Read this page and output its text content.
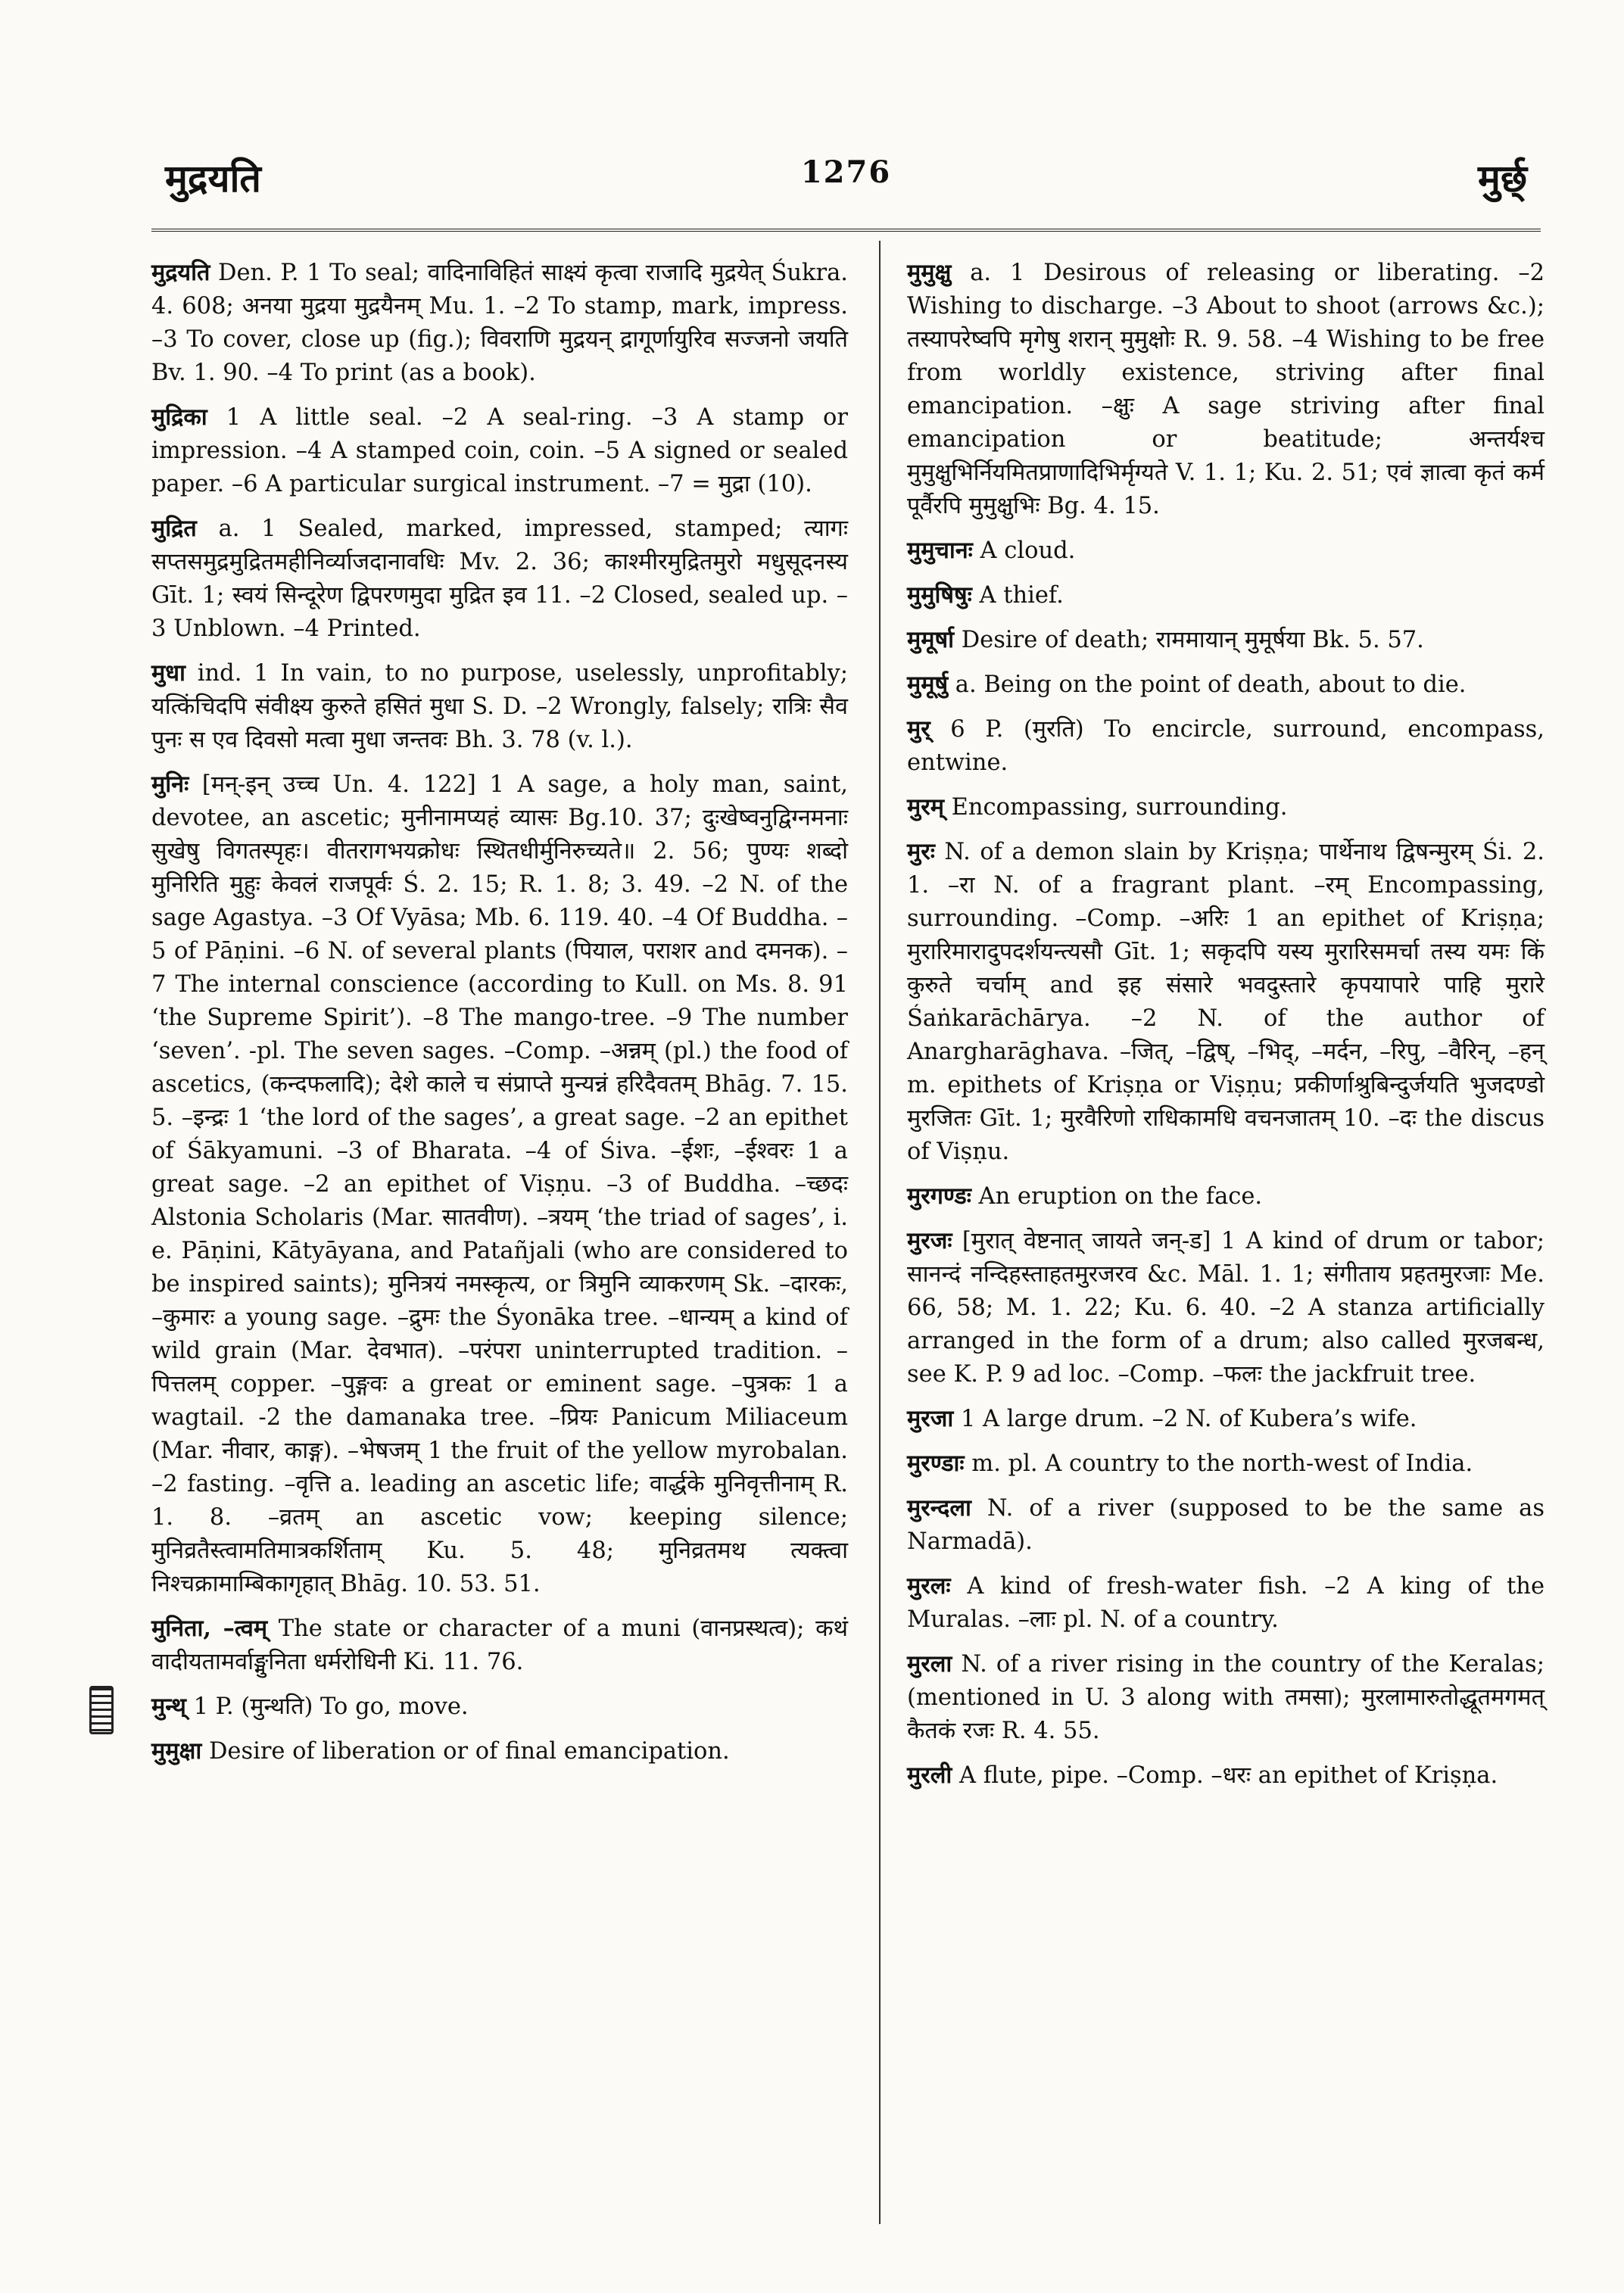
मुद्रयति	1276	मुर्छ्

मुद्रयति Den. P. 1 To seal; वादिनाविहितं साक्ष्यं कृत्वा राजादि मुद्रयेत् Śukra. 4. 608; अनया मुद्रया मुद्रयैनम् Mu. 1. –2 To stamp, mark, impress. –3 To cover, close up (fig.); विवराणि मुद्रयन् द्रागूर्णायुरिव सज्जनो जयति Bv. 1. 90. –4 To print (as a book).

मुद्रिका 1 A little seal. –2 A seal-ring. –3 A stamp or impression. –4 A stamped coin, coin. –5 A signed or sealed paper. –6 A particular surgical instrument. –7 = मुद्रा (10).

मुद्रित a. 1 Sealed, marked, impressed, stamped; त्यागः सप्तसमुद्रमुद्रितमहीनिर्व्याजदानावधिः Mv. 2. 36; काश्मीरमुद्रितमुरो मधुसूदनस्य Gīt. 1; स्वयं सिन्दूरेण द्विपरणमुदा मुद्रित इव 11. –2 Closed, sealed up. –3 Unblown. –4 Printed.

मुधा ind. 1 In vain, to no purpose, uselessly, unprofitably; यत्किंचिदपि संवीक्ष्य कुरुते हसितं मुधा S. D. –2 Wrongly, falsely; रात्रिः सैव पुनः स एव दिवसो मत्वा मुधा जन्तवः Bh. 3. 78 (v. l.).

मुनिः [मन्-इन् उच्च Un. 4. 122] 1 A sage, a holy man, saint, devotee, an ascetic; मुनीनामप्यहं व्यासः Bg.10. 37; दुःखेष्वनुद्विग्नमनाः सुखेषु विगतस्पृहः। वीतरागभयक्रोधः स्थितधीर्मुनिरुच्यते॥ 2. 56; पुण्यः शब्दो मुनिरिति मुहुः केवलं राजपूर्वः Ś. 2. 15; R. 1. 8; 3. 49. –2 N. of the sage Agastya. –3 Of Vyāsa; Mb. 6. 119. 40. –4 Of Buddha. –5 of Pāṇini. –6 N. of several plants (पियाल, पराशर and दमनक). –7 The internal conscience (according to Kull. on Ms. 8. 91 ‘the Supreme Spirit’). –8 The mango-tree. –9 The number ‘seven’. -pl. The seven sages. –Comp. –अन्नम् (pl.) the food of ascetics, (कन्दफलादि); देशे काले च संप्राप्ते मुन्यन्नं हरिदैवतम् Bhāg. 7. 15. 5. –इन्द्रः 1 ‘the lord of the sages’, a great sage. –2 an epithet of Śākyamuni. –3 of Bharata. –4 of Śiva. –ईशः, –ईश्वरः 1 a great sage. –2 an epithet of Viṣṇu. –3 of Buddha. –च्छदः Alstonia Scholaris (Mar. सातवीण). –त्रयम् ‘the triad of sages’, i. e. Pāṇini, Kātyāyana, and Patañjali (who are considered to be inspired saints); मुनित्रयं नमस्कृत्य, or त्रिमुनि व्याकरणम् Sk. –दारकः, –कुमारः a young sage. –द्रुमः the Śyonāka tree. –धान्यम् a kind of wild grain (Mar. देवभात). –परंपरा uninterrupted tradition. –पित्तलम् copper. –पुङ्गवः a great or eminent sage. –पुत्रकः 1 a wagtail. -2 the damanaka tree. –प्रियः Panicum Miliaceum (Mar. नीवार, काङ्ग). –भेषजम् 1 the fruit of the yellow myrobalan. –2 fasting. –वृत्ति a. leading an ascetic life; वार्द्धके मुनिवृत्तीनाम् R. 1. 8. –व्रतम् an ascetic vow; keeping silence; मुनिव्रतैस्त्वामतिमात्रकर्शिताम् Ku. 5. 48; मुनिव्रतमथ त्यक्त्वा निश्चक्रामाम्बिकागृहात् Bhāg. 10. 53. 51.

मुनिता, –त्वम् The state or character of a muni (वानप्रस्थत्व); कथं वादीयतामर्वाङ्मुनिता धर्मरोधिनी Ki. 11. 76.

मुन्थ् 1 P. (मुन्थति) To go, move.

मुमुक्षा Desire of liberation or of final emancipation.

मुमुक्षु a. 1 Desirous of releasing or liberating. –2 Wishing to discharge. –3 About to shoot (arrows &c.); तस्यापरेष्वपि मृगेषु शरान् मुमुक्षोः R. 9. 58. –4 Wishing to be free from worldly existence, striving after final emancipation. –क्षुः A sage striving after final emancipation or beatitude; अन्तर्यश्च मुमुक्षुभिर्नियमितप्राणादिभिर्मृग्यते V. 1. 1; Ku. 2. 51; एवं ज्ञात्वा कृतं कर्म पूर्वैरपि मुमुक्षुभिः Bg. 4. 15.

मुमुचानः A cloud.

मुमुषिषुः A thief.

मुमूर्षा Desire of death; राममायान् मुमूर्षया Bk. 5. 57.

मुमूर्षु a. Being on the point of death, about to die.

मुर् 6 P. (मुरति) To encircle, surround, encompass, entwine.

मुरम् Encompassing, surrounding.

मुरः N. of a demon slain by Kriṣṇa; पार्थेनाथ द्विषन्मुरम् Śi. 2. 1. –रा N. of a fragrant plant. –रम् Encompassing, surrounding. –Comp. –अरिः 1 an epithet of Kriṣṇa; मुरारिमारादुपदर्शयन्त्यसौ Gīt. 1; सकृदपि यस्य मुरारिसमर्चा तस्य यमः किं कुरुते चर्चाम् and इह संसारे भवदुस्तारे कृपयापारे पाहि मुरारे Śaṅkarāchārya. –2 N. of the author of Anargharāghava. –जित्, –द्विष्, –भिद्, –मर्दन, –रिपु, –वैरिन्, –हन् m. epithets of Kriṣṇa or Viṣṇu; प्रकीर्णाश्रुबिन्दुर्जयति भुजदण्डो मुरजितः Gīt. 1; मुरवैरिणो राधिकामधि वचनजातम् 10. –दः the discus of Viṣṇu.

मुरगण्डः An eruption on the face.

मुरजः [मुरात् वेष्टनात् जायते जन्-ड] 1 A kind of drum or tabor; सानन्दं नन्दिहस्ताहतमुरजरव &c. Māl. 1. 1; संगीताय प्रहतमुरजाः Me. 66, 58; M. 1. 22; Ku. 6. 40. –2 A stanza artificially arranged in the form of a drum; also called मुरजबन्ध, see K. P. 9 ad loc. –Comp. –फलः the jackfruit tree.

मुरजा 1 A large drum. –2 N. of Kubera’s wife.

मुरण्डाः m. pl. A country to the north-west of India.

मुरन्दला N. of a river (supposed to be the same as Narmadā).

मुरलः A kind of fresh-water fish. –2 A king of the Muralas. –लाः pl. N. of a country.

मुरला N. of a river rising in the country of the Keralas; (mentioned in U. 3 along with तमसा); मुरलामारुतोद्धूतमगमत् कैतकं रजः R. 4. 55.

मुरली A flute, pipe. –Comp. –धरः an epithet of Kriṣṇa.
